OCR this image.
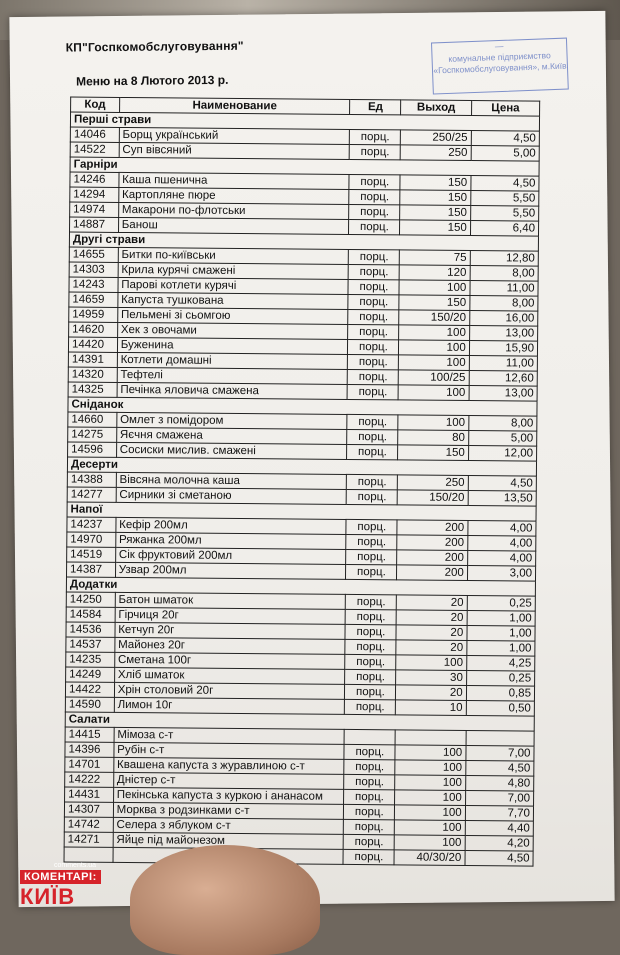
КП"Госпкомобслуговування"
Меню на 8 Лютого 2013 р.
—
комунальне підприємство
«Госпкомобслуговування», м.Київ
Код	Наименование	Ед	Выход	Цена
Перші страви				
14046	Борщ український	порц.	250/25	4,50
14522	Суп вівсяний	порц.	250	5,00
Гарніри				
14246	Каша пшенична	порц.	150	4,50
14294	Картопляне пюре	порц.	150	5,50
14974	Макарони по-флотськи	порц.	150	5,50
14887	Банош	порц.	150	6,40
Другі страви				
14655	Битки по-київськи	порц.	75	12,80
14303	Крила курячі смажені	порц.	120	8,00
14243	Парові котлети курячі	порц.	100	11,00
14659	Капуста тушкована	порц.	150	8,00
14959	Пельмені зі сьомгою	порц.	150/20	16,00
14620	Хек з овочами	порц.	100	13,00
14420	Буженина	порц.	100	15,90
14391	Котлети домашні	порц.	100	11,00
14320	Тефтелі	порц.	100/25	12,60
14325	Печінка яловича смажена	порц.	100	13,00
Сніданок				
14660	Омлет з помідором	порц.	100	8,00
14275	Яєчня смажена	порц.	80	5,00
14596	Сосиски мислив. смажені	порц.	150	12,00
Десерти				
14388	Вівсяна молочна каша	порц.	250	4,50
14277	Сирники зі сметаною	порц.	150/20	13,50
Напої				
14237	Кефір 200мл	порц.	200	4,00
14970	Ряжанка 200мл	порц.	200	4,00
14519	Сік фруктовий 200мл	порц.	200	4,00
14387	Узвар 200мл	порц.	200	3,00
Додатки				
14250	Батон шматок	порц.	20	0,25
14584	Гірчиця 20г	порц.	20	1,00
14536	Кетчуп 20г	порц.	20	1,00
14537	Майонез 20г	порц.	20	1,00
14235	Сметана 100г	порц.	100	4,25
14249	Хліб шматок	порц.	30	0,25
14422	Хрін столовий 20г	порц.	20	0,85
14590	Лимон 10г	порц.	10	0,50
Салати				
14415	Мімоза с-т			
14396	Рубін с-т	порц.	100	7,00
14701	Квашена капуста з журавлиною с-т	порц.	100	4,50
14222	Дністер с-т	порц.	100	4,80
14431	Пекінська капуста з куркою і ананасом	порц.	100	7,00
14307	Морква з родзинками с-т	порц.	100	7,70
14742	Селера з яблуком с-т	порц.	100	4,40
14271	Яйце під майонезом	порц.	100	4,20
		порц.	40/30/20	4,50
comments.ua
КОМЕНТАРІ:
КИЇВ
